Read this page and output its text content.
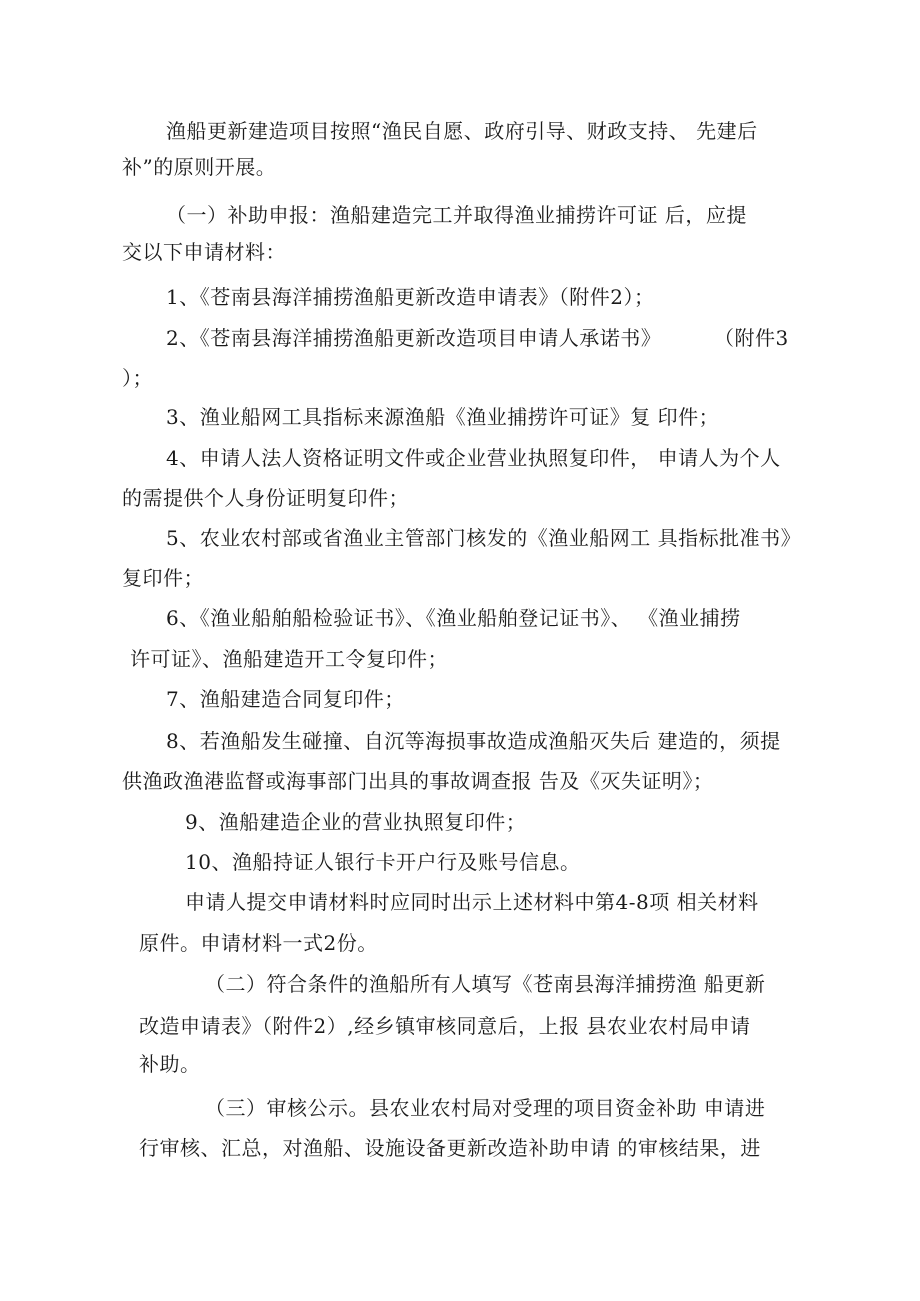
渔船更新建造项目按照“渔民自愿、政府引导、财政支持、 先建后
补”的原则开展。
（一）补助申报：渔船建造完工并取得渔业捕捞许可证 后，应提
交以下申请材料：
1、《苍南县海洋捕捞渔船更新改造申请表》（附件2）；
2、《苍南县海洋捕捞渔船更新改造项目申请人承诺书》	（附件3
）；
3、渔业船网工具指标来源渔船《渔业捕捞许可证》复 印件；
4、申请人法人资格证明文件或企业营业执照复印件， 申请人为个人
的需提供个人身份证明复印件；
5、农业农村部或省渔业主管部门核发的《渔业船网工 具指标批准书》
复印件；
6、《渔业船舶船检验证书》、《渔业船舶登记证书》、 《渔业捕捞
许可证》、渔船建造开工令复印件；
7、渔船建造合同复印件；
8、若渔船发生碰撞、自沉等海损事故造成渔船灭失后 建造的，须提
供渔政渔港监督或海事部门出具的事故调查报 告及《灭失证明》；
9、渔船建造企业的营业执照复印件；
10、渔船持证人银行卡开户行及账号信息。
申请人提交申请材料时应同时出示上述材料中第4-8项 相关材料
原件。申请材料一式2份。
（二）符合条件的渔船所有人填写《苍南县海洋捕捞渔 船更新
改造申请表》（附件2）,经乡镇审核同意后，上报 县农业农村局申请
补助。
（三）审核公示。县农业农村局对受理的项目资金补助 申请进
行审核、汇总，对渔船、设施设备更新改造补助申请 的审核结果，进
